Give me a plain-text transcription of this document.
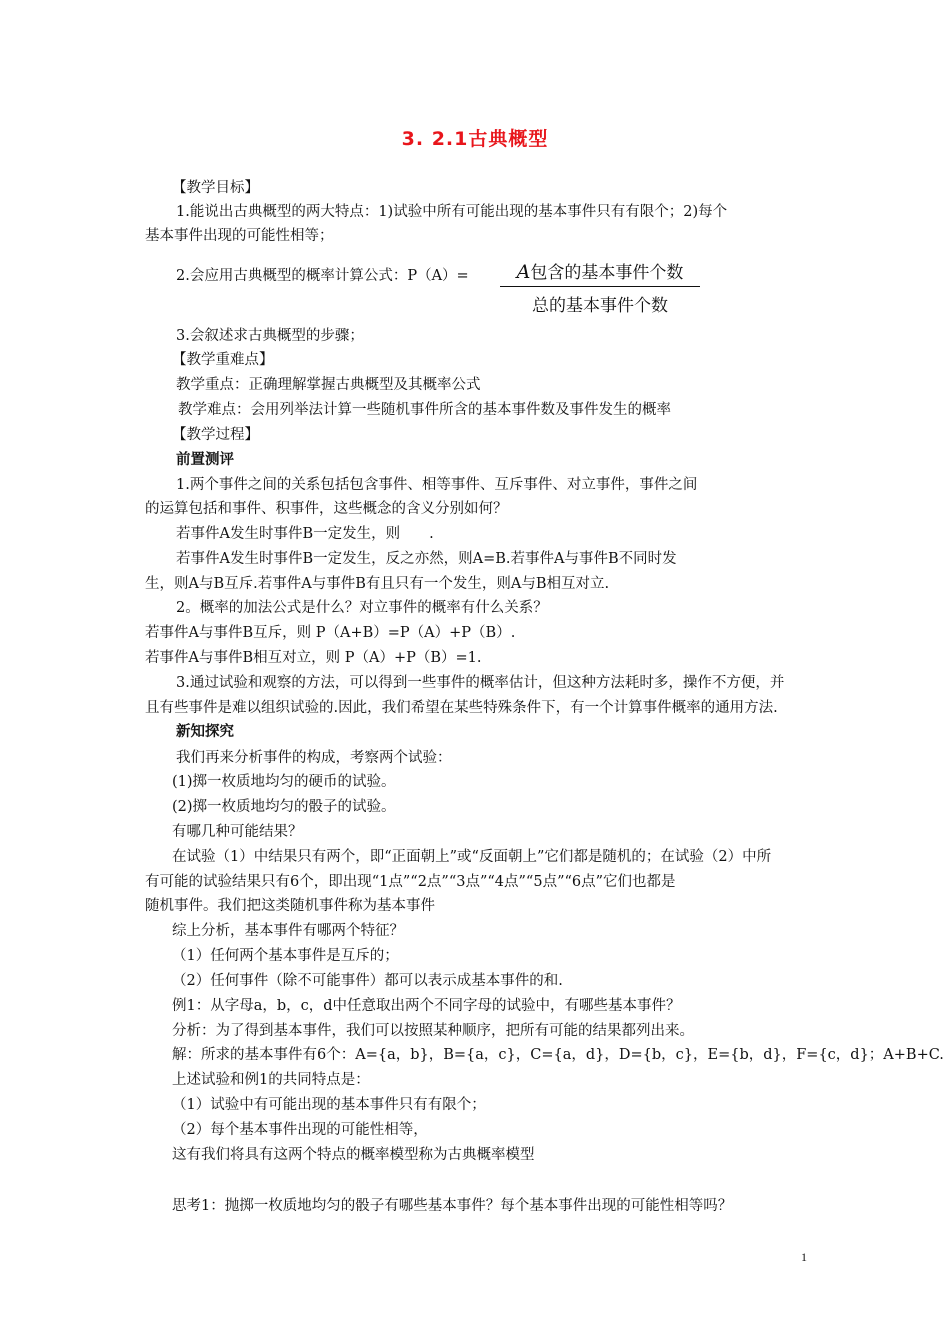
3. 2.1古典概型
【教学目标】
1.能说出古典概型的两大特点：1)试验中所有可能出现的基本事件只有有限个；2)每个
基本事件出现的可能性相等；
2.会应用古典概型的概率计算公式：P（A）=	A包含的基本事件个数
总的基本事件个数
3.会叙述求古典概型的步骤；
【教学重难点】
教学重点：正确理解掌握古典概型及其概率公式
教学难点：会用列举法计算一些随机事件所含的基本事件数及事件发生的概率
【教学过程】
前置测评
1.两个事件之间的关系包括包含事件、相等事件、互斥事件、对立事件，事件之间
的运算包括和事件、积事件，这些概念的含义分别如何？
若事件A发生时事件B一定发生，则　　.
若事件A发生时事件B一定发生，反之亦然，则A=B.若事件A与事件B不同时发
生，则A与B互斥.若事件A与事件B有且只有一个发生，则A与B相互对立.
2。概率的加法公式是什么？对立事件的概率有什么关系？
若事件A与事件B互斥，则 P（A+B）=P（A）+P（B）.
若事件A与事件B相互对立，则 P（A）+P（B）=1.
3.通过试验和观察的方法，可以得到一些事件的概率估计，但这种方法耗时多，操作不方便，并
且有些事件是难以组织试验的.因此，我们希望在某些特殊条件下，有一个计算事件概率的通用方法.
新知探究
我们再来分析事件的构成，考察两个试验：
(1)掷一枚质地均匀的硬币的试验。
(2)掷一枚质地均匀的骰子的试验。
有哪几种可能结果？
在试验（1）中结果只有两个，即“正面朝上”或“反面朝上”它们都是随机的；在试验（2）中所
有可能的试验结果只有6个，即出现“1点”“2点”“3点”“4点”“5点”“6点”它们也都是
随机事件。我们把这类随机事件称为基本事件
综上分析，基本事件有哪两个特征？
（1）任何两个基本事件是互斥的；
（2）任何事件（除不可能事件）都可以表示成基本事件的和.
例1：从字母a，b，c，d中任意取出两个不同字母的试验中，有哪些基本事件？
分析：为了得到基本事件，我们可以按照某种顺序，把所有可能的结果都列出来。
解：所求的基本事件有6个：A={a，b}，B={a，c}，C={a，d}，D={b，c}，E={b，d}，F={c，d}；A+B+C.
上述试验和例1的共同特点是：
（1）试验中有可能出现的基本事件只有有限个；
（2）每个基本事件出现的可能性相等，
这有我们将具有这两个特点的概率模型称为古典概率模型
思考1：抛掷一枚质地均匀的骰子有哪些基本事件？每个基本事件出现的可能性相等吗？
1
